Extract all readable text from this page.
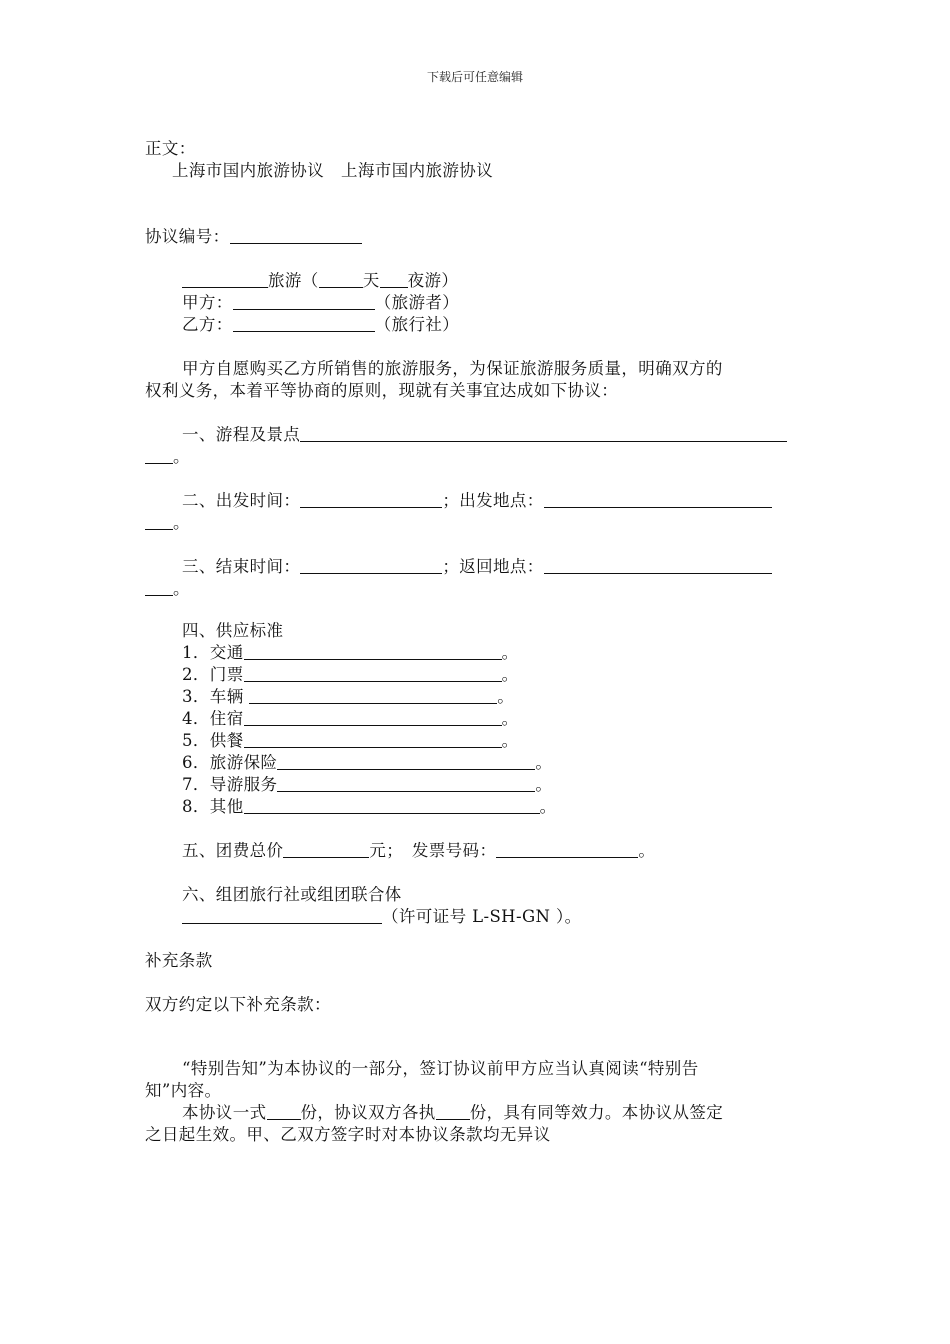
下载后可任意编辑
正文：
上海市国内旅游协议　上海市国内旅游协议
协议编号：
旅游（	天 夜游）
甲方：	（旅游者）
乙方：	（旅行社）
甲方自愿购买乙方所销售的旅游服务，为保证旅游服务质量，明确双方的
权利义务，本着平等协商的原则，现就有关事宜达成如下协议：
一、游程及景点
。
二、出发时间：	；出发地点：
。
三、结束时间：	；返回地点：
。
四、供应标准
1．交通	。
2．门票	。
3．车辆	。
4．住宿	。
5．供餐	。
6．旅游保险	。
7．导游服务	。
8．其他	。
五、团费总价	元；　发票号码：	。
六、组团旅行社或组团联合体
（许可证号 L-SH-GN ）。
补充条款
双方约定以下补充条款：
“特别告知”为本协议的一部分，签订协议前甲方应当认真阅读“特别告
知”内容。
本协议一式 份，协议双方各执 份，具有同等效力。本协议从签定
之日起生效。甲、乙双方签字时对本协议条款均无异议
